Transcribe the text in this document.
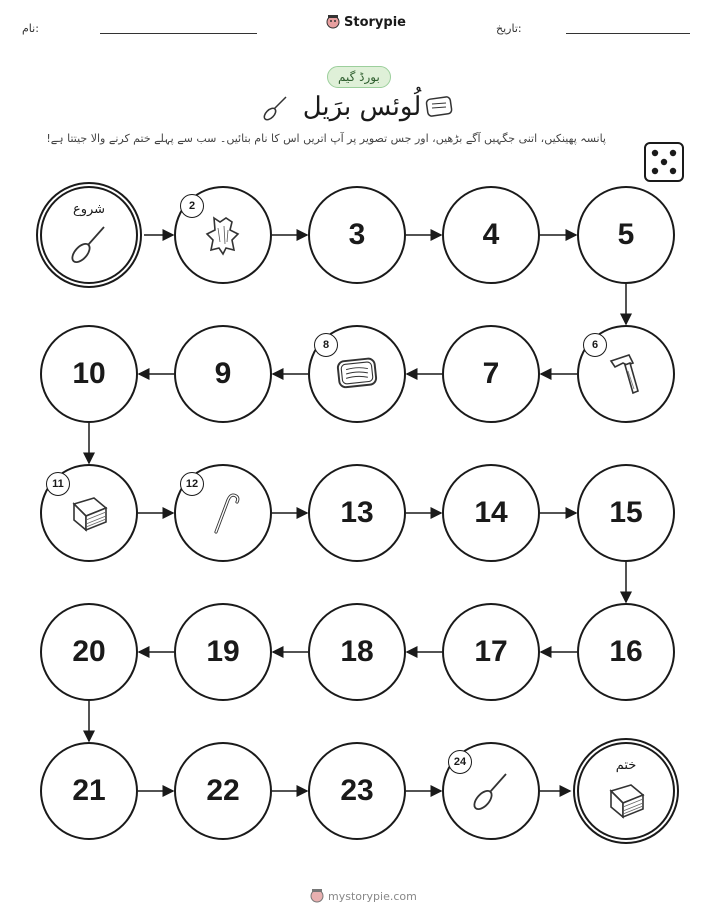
نام:	Storypie	تاریخ:
بورڈ گیم
لُوئس برَیل
پانسہ پھینکیں، اتنی جگہیں آگے بڑھیں، اور جس تصویر پر آپ اتریں اس کا نام بتائیں۔ سب سے پہلے ختم کرنے والا جیتتا ہے!
شروع	2
3	4	5
6
7
8
9
10
11	12
13	14	15
16
17
18
19
20
21	22	23
24	ختم
mystorypie.com
